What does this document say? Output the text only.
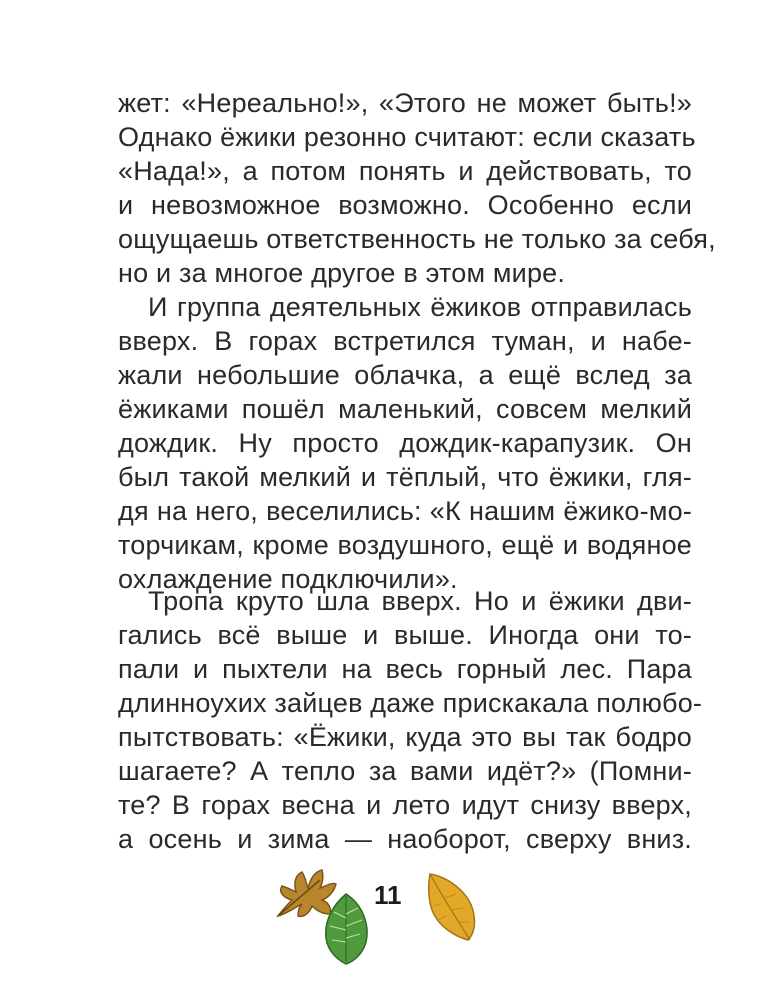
жет: «Нереально!», «Этого не может быть!»
Однако ёжики резонно считают: если сказать
«Нада!», а потом понять и действовать, то
и невозможное возможно. Особенно если
ощущаешь ответственность не только за себя,
но и за многое другое в этом мире.
И группа деятельных ёжиков отправилась
вверх. В горах встретился туман, и набе-
жали небольшие облачка, а ещё вслед за
ёжиками пошёл маленький, совсем мелкий
дождик. Ну просто дождик-карапузик. Он
был такой мелкий и тёплый, что ёжики, гля-
дя на него, веселились: «К нашим ёжико-мо-
торчикам, кроме воздушного, ещё и водяное
охлаждение подключили».
Тропа круто шла вверх. Но и ёжики дви-
гались всё выше и выше. Иногда они то-
пали и пыхтели на весь горный лес. Пара
длинноухих зайцев даже прискакала полюбо-
пытствовать: «Ёжики, куда это вы так бодро
шагаете? А тепло за вами идёт?» (Помни-
те? В горах весна и лето идут снизу вверх,
а осень и зима — наоборот, сверху вниз.
11
